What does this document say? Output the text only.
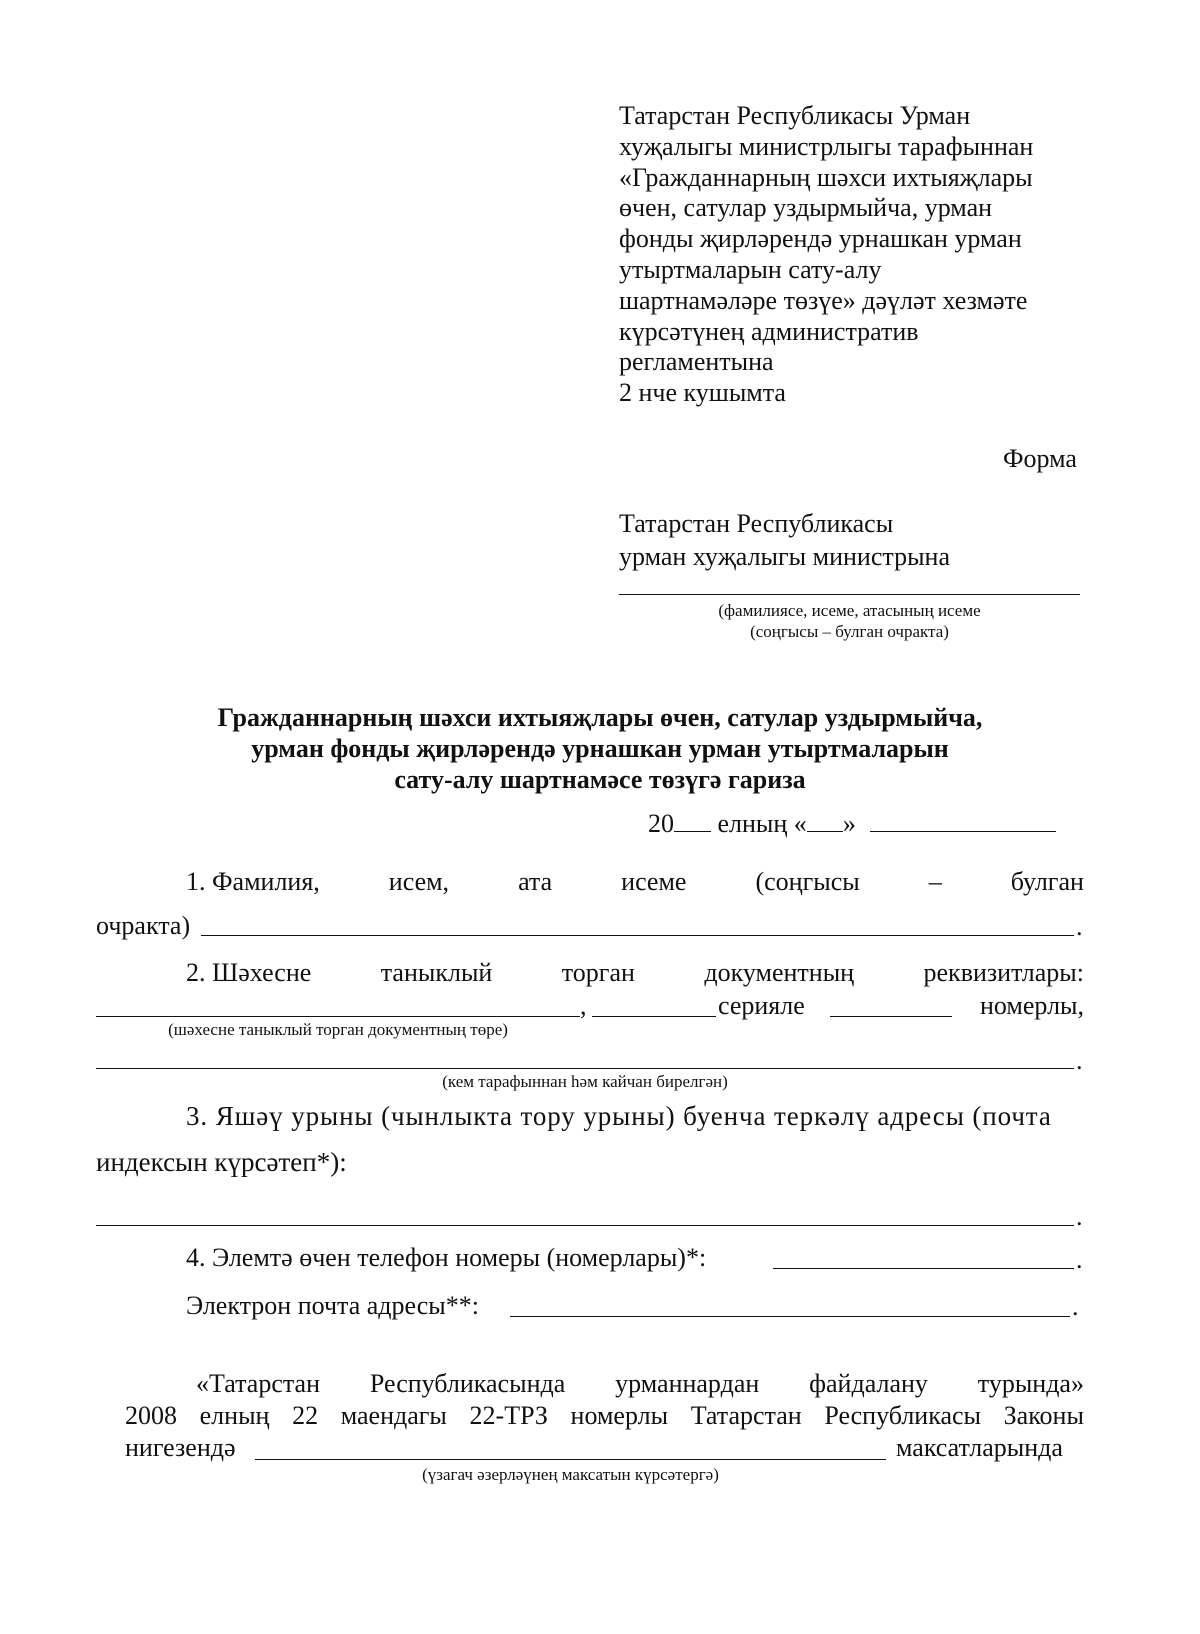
Татарстан Республикасы Урман
хуҗалыгы министрлыгы тарафыннан
«Гражданнарның шәхси ихтыяҗлары
өчен, сатулар уздырмыйча, урман
фонды җирләрендә урнашкан урман
утыртмаларын сату-алу
шартнамәләре төзүе» дәүләт хезмәте
күрсәтүнең административ
регламентына
2 нче кушымта
Форма
Татарстан Республикасы
урман хуҗалыгы министрына
(фамилиясе, исеме, атасының исеме
(соңгысы – булган очракта)
Гражданнарның шәхси ихтыяҗлары өчен, сатулар уздырмыйча,
урман фонды җирләрендә урнашкан урман утыртмаларын
сату-алу шартнамәсе төзүгә гариза
20 елның « »
1. Фамилия,	исем,	ата	исеме	(соңгысы	–	булган
очракта)	.
2. Шәхесне	таныклый	торган	документның	реквизитлары:
,	серияле	номерлы,
(шәхесне таныклый торган документның төре)
.
(кем тарафыннан һәм кайчан бирелгән)
3. Яшәү урыны (чынлыкта тору урыны) буенча теркәлү адресы (почта
индексын күрсәтеп*):
.
4. Элемтә өчен телефон номеры (номерлары)*:	.
Электрон почта адресы**:	.
«Татарстан Республикасында урманнардан файдалану турында»
2008 елның 22 маендагы 22-ТРЗ номерлы Татарстан Республикасы Законы
нигезендә	максатларында
(үзагач әзерләүнең максатын күрсәтергә)
